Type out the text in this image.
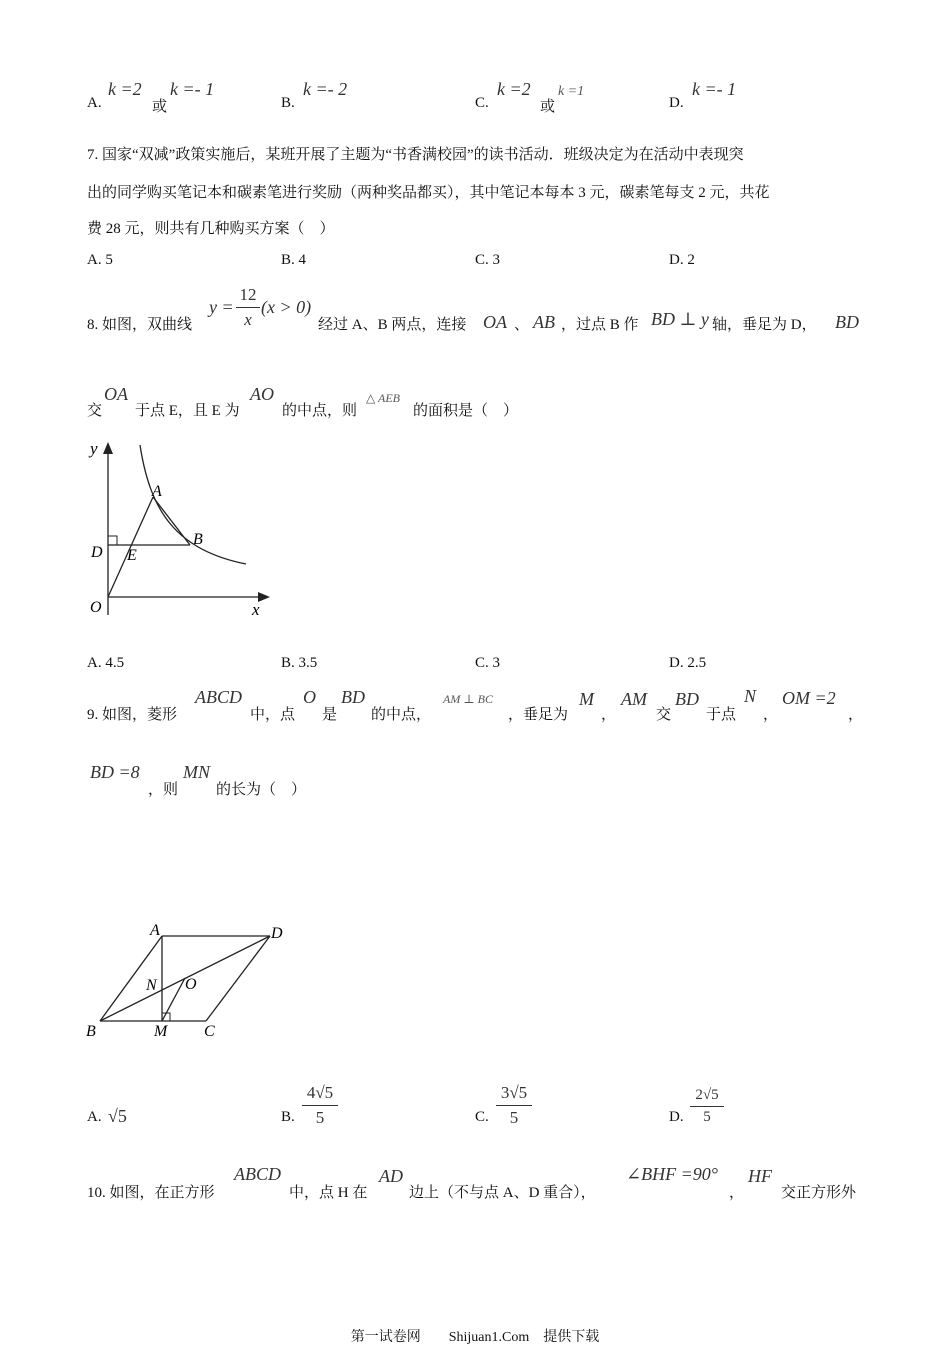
A.
k =2
或
k =- 1
B.
k =- 2
C.
k =2
或
k =1
D.
k =- 1
7. 国家“双减”政策实施后，某班开展了主题为“书香满校园”的读书活动．班级决定为在活动中表现突
出的同学购买笔记本和碳素笔进行奖励（两种奖品都买），其中笔记本每本 3 元，碳素笔每支 2 元，共花
费 28 元，则共有几种购买方案（　）
A. 5	B. 4	C. 3	D. 2
8. 如图，双曲线
y =
12
x
(x > 0)
经过 A、B 两点，连接 OA 、 AB ，过点 B 作 BD ⊥ y 轴，垂足为 D， BD
交
OA
于点 E，且 E 为
AO
的中点，则
△ AEB
的面积是（　）
y
A
B
D E
O	x
A. 4.5	B. 3.5	C. 3	D. 2.5
9. 如图，菱形
ABCD
中，点
O
是
BD
的中点，
AM ⊥ BC
，垂足为
M
，
AM
交
BD
于点
N
，
OM =2
，
BD =8
，则
MN
的长为（　）
A	D
N O
B	M C
A. √5	B.
4√5
5	C.
3√5
5	D.
2√5
5
10. 如图，在正方形
ABCD
中，点 H 在
AD
边上（不与点 A、D 重合），
∠BHF =90°
，
HF
交正方形外
第一试卷网　　Shijuan1.Com　提供下载
